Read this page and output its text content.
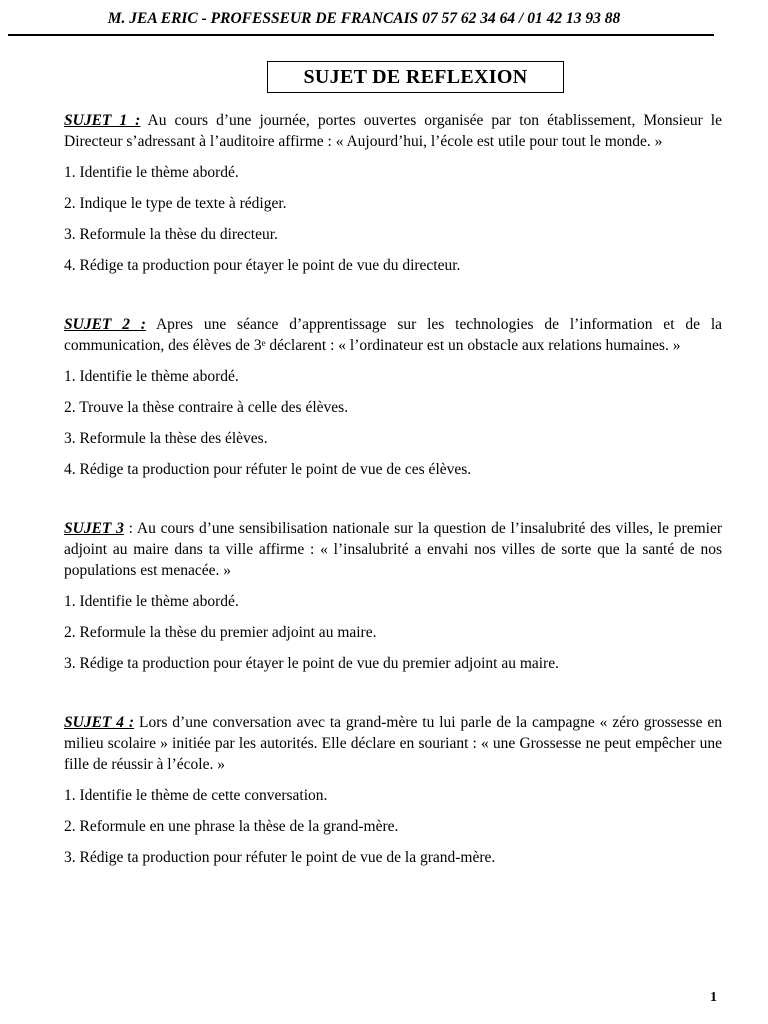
M. JEA ERIC - PROFESSEUR DE FRANCAIS 07 57 62 34 64 / 01 42 13 93 88
SUJET DE REFLEXION

SUJET 1 : Au cours d’une journée, portes ouvertes organisée par ton établissement, Monsieur le Directeur s’adressant à l’auditoire affirme : « Aujourd’hui, l’école est utile pour tout le monde. »

1. Identifie le thème abordé.

2. Indique le type de texte à rédiger.

3. Reformule la thèse du directeur.

4. Rédige ta production pour étayer le point de vue du directeur.

SUJET 2 : Apres une séance d’apprentissage sur les technologies de l’information et de la communication, des élèves de 3ᵉ déclarent : « l’ordinateur est un obstacle aux relations humaines. »

1. Identifie le thème abordé.

2. Trouve la thèse contraire à celle des élèves.

3. Reformule la thèse des élèves.

4. Rédige ta production pour réfuter le point de vue de ces élèves.

SUJET 3 : Au cours d’une sensibilisation nationale sur la question de l’insalubrité des villes, le premier adjoint au maire dans ta ville affirme : « l’insalubrité a envahi nos villes de sorte que la santé de nos populations est menacée. »

1. Identifie le thème abordé.

2. Reformule la thèse du premier adjoint au maire.

3. Rédige ta production pour étayer le point de vue du premier adjoint au maire.

SUJET 4 : Lors d’une conversation avec ta grand-mère tu lui parle de la campagne « zéro grossesse en milieu scolaire » initiée par les autorités. Elle déclare en souriant : « une Grossesse ne peut empêcher une fille de réussir à l’école. »

1. Identifie le thème de cette conversation.

2. Reformule en une phrase la thèse de la grand-mère.

3. Rédige ta production pour réfuter le point de vue de la grand-mère.

1
